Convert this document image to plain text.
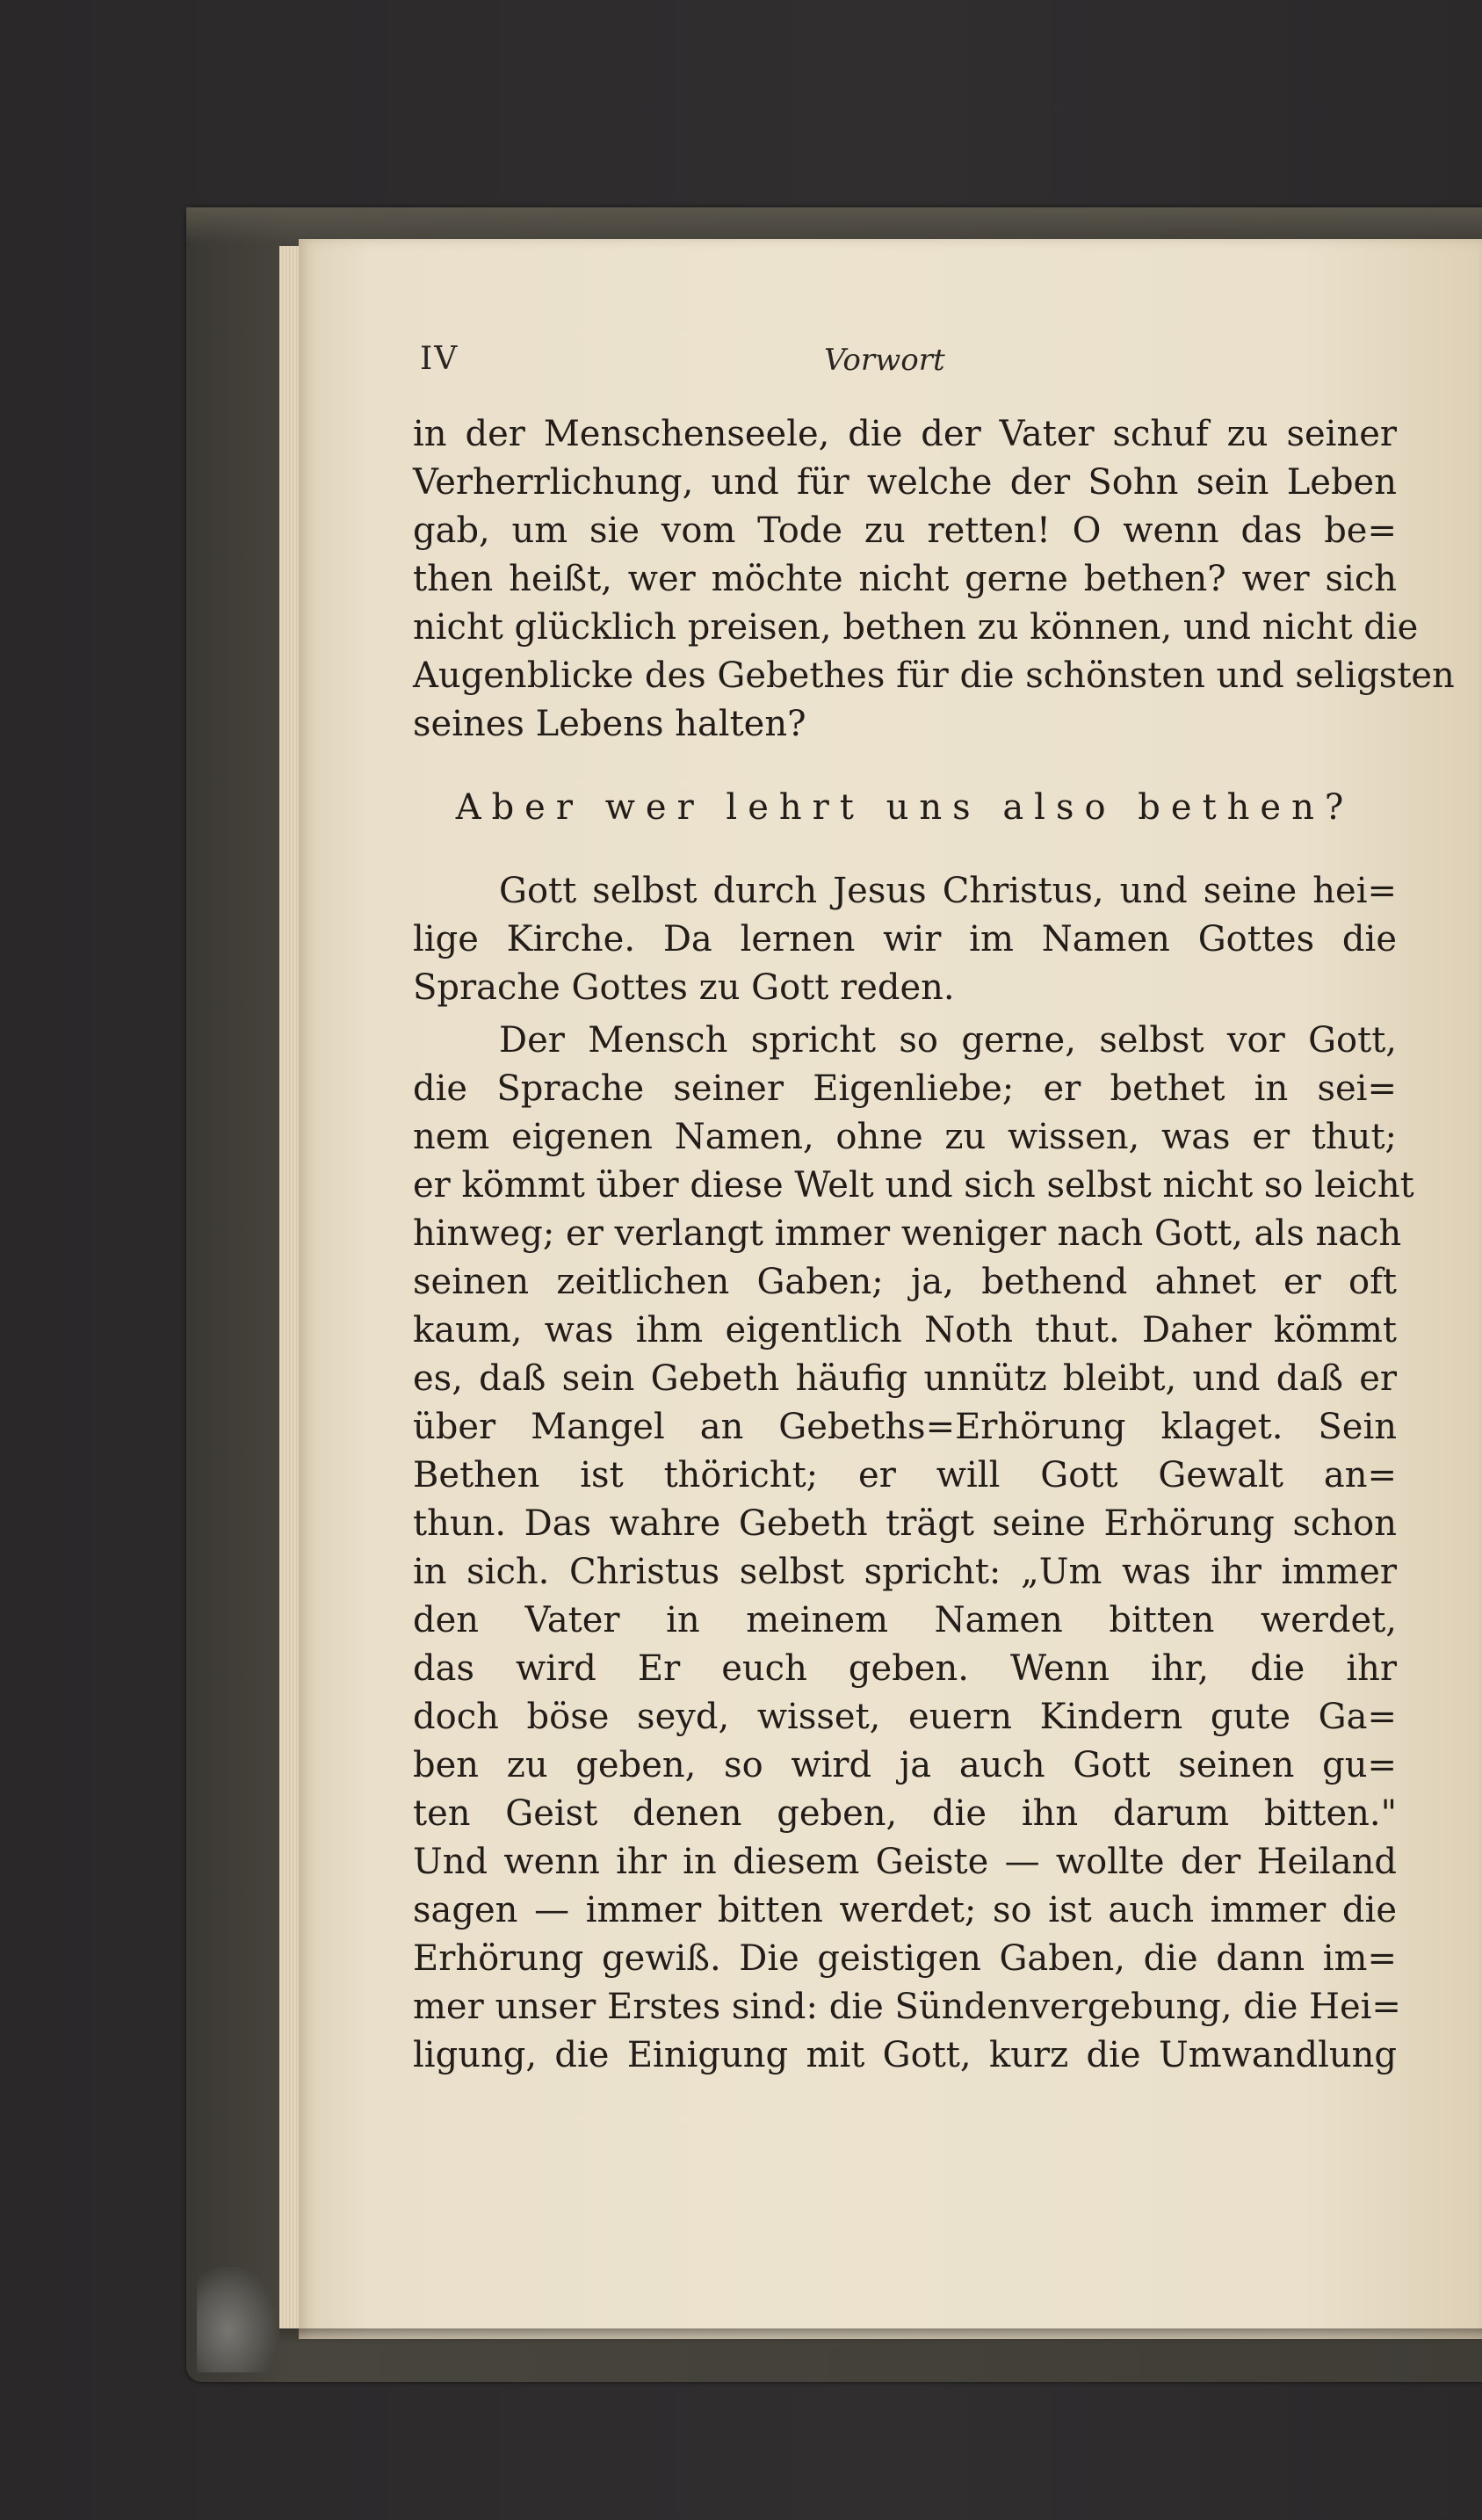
IV	Vorwort
in der Menschenseele, die der Vater schuf zu seiner
Verherrlichung, und für welche der Sohn sein Leben
gab, um sie vom Tode zu retten! O wenn das be=
then heißt, wer möchte nicht gerne bethen? wer sich
nicht glücklich preisen, bethen zu können, und nicht die
Augenblicke des Gebethes für die schönsten und seligsten
seines Lebens halten?
Aber wer lehrt uns also bethen?
Gott selbst durch Jesus Christus, und seine hei=
lige Kirche. Da lernen wir im Namen Gottes die
Sprache Gottes zu Gott reden.
Der Mensch spricht so gerne, selbst vor Gott,
die Sprache seiner Eigenliebe; er bethet in sei=
nem eigenen Namen, ohne zu wissen, was er thut;
er kömmt über diese Welt und sich selbst nicht so leicht
hinweg; er verlangt immer weniger nach Gott, als nach
seinen zeitlichen Gaben; ja, bethend ahnet er oft
kaum, was ihm eigentlich Noth thut. Daher kömmt
es, daß sein Gebeth häufig unnütz bleibt, und daß er
über Mangel an Gebeths=Erhörung klaget. Sein
Bethen ist thöricht; er will Gott Gewalt an=
thun. Das wahre Gebeth trägt seine Erhörung schon
in sich. Christus selbst spricht: „Um was ihr immer
den Vater in meinem Namen bitten werdet,
das wird Er euch geben. Wenn ihr, die ihr
doch böse seyd, wisset, euern Kindern gute Ga=
ben zu geben, so wird ja auch Gott seinen gu=
ten Geist denen geben, die ihn darum bitten."
Und wenn ihr in diesem Geiste — wollte der Heiland
sagen — immer bitten werdet; so ist auch immer die
Erhörung gewiß. Die geistigen Gaben, die dann im=
mer unser Erstes sind: die Sündenvergebung, die Hei=
ligung, die Einigung mit Gott, kurz die Umwandlung
